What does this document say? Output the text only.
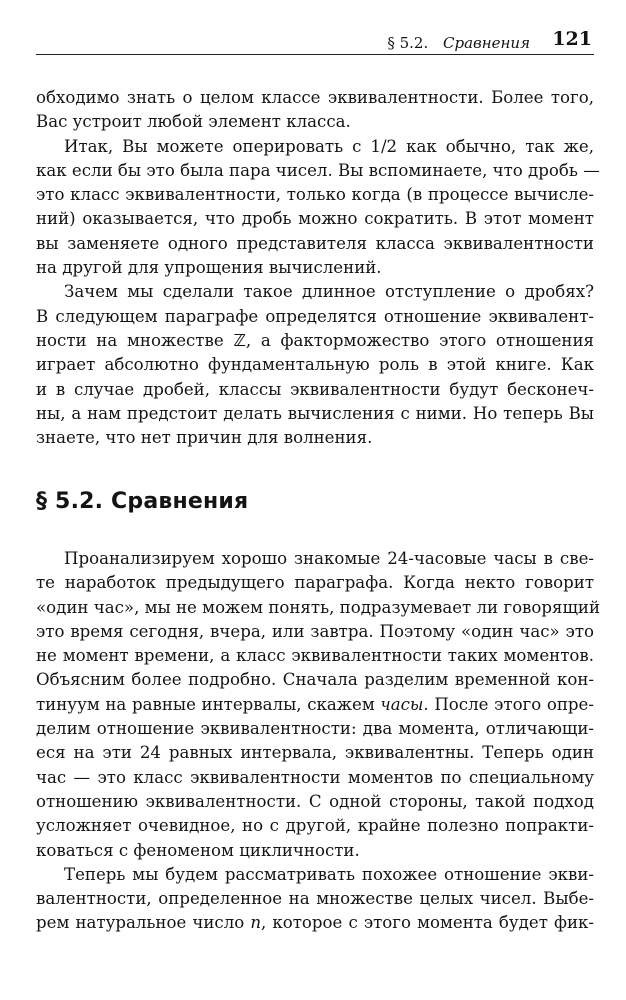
§ 5.2. Сравнения 121
обходимо знать о целом классе эквивалентности. Более того,
Вас устроит любой элемент класса.
Итак, Вы можете оперировать с 1/2 как обычно, так же,
как если бы это была пара чисел. Вы вспоминаете, что дробь —
это класс эквивалентности, только когда (в процессе вычисле-
ний) оказывается, что дробь можно сократить. В этот момент
вы заменяете одного представителя класса эквивалентности
на другой для упрощения вычислений.
Зачем мы сделали такое длинное отступление о дробях?
В следующем параграфе определятся отношение эквивалент-
ности на множестве ℤ, а факторможество этого отношения
играет абсолютно фундаментальную роль в этой книге. Как
и в случае дробей, классы эквивалентности будут бесконеч-
ны, а нам предстоит делать вычисления с ними. Но теперь Вы
знаете, что нет причин для волнения.
§ 5.2. Сравнения
Проанализируем хорошо знакомые 24-часовые часы в све-
те наработок предыдущего параграфа. Когда некто говорит
«один час», мы не можем понять, подразумевает ли говорящий
это время сегодня, вчера, или завтра. Поэтому «один час» это
не момент времени, а класс эквивалентности таких моментов.
Объясним более подробно. Сначала разделим временной кон-
тинуум на равные интервалы, скажем часы. После этого опре-
делим отношение эквивалентности: два момента, отличающи-
еся на эти 24 равных интервала, эквивалентны. Теперь один
час — это класс эквивалентности моментов по специальному
отношению эквивалентности. С одной стороны, такой подход
усложняет очевидное, но с другой, крайне полезно попракти-
коваться с феноменом цикличности.
Теперь мы будем рассматривать похожее отношение экви-
валентности, определенное на множестве целых чисел. Выбе-
рем натуральное число n, которое с этого момента будет фик-
